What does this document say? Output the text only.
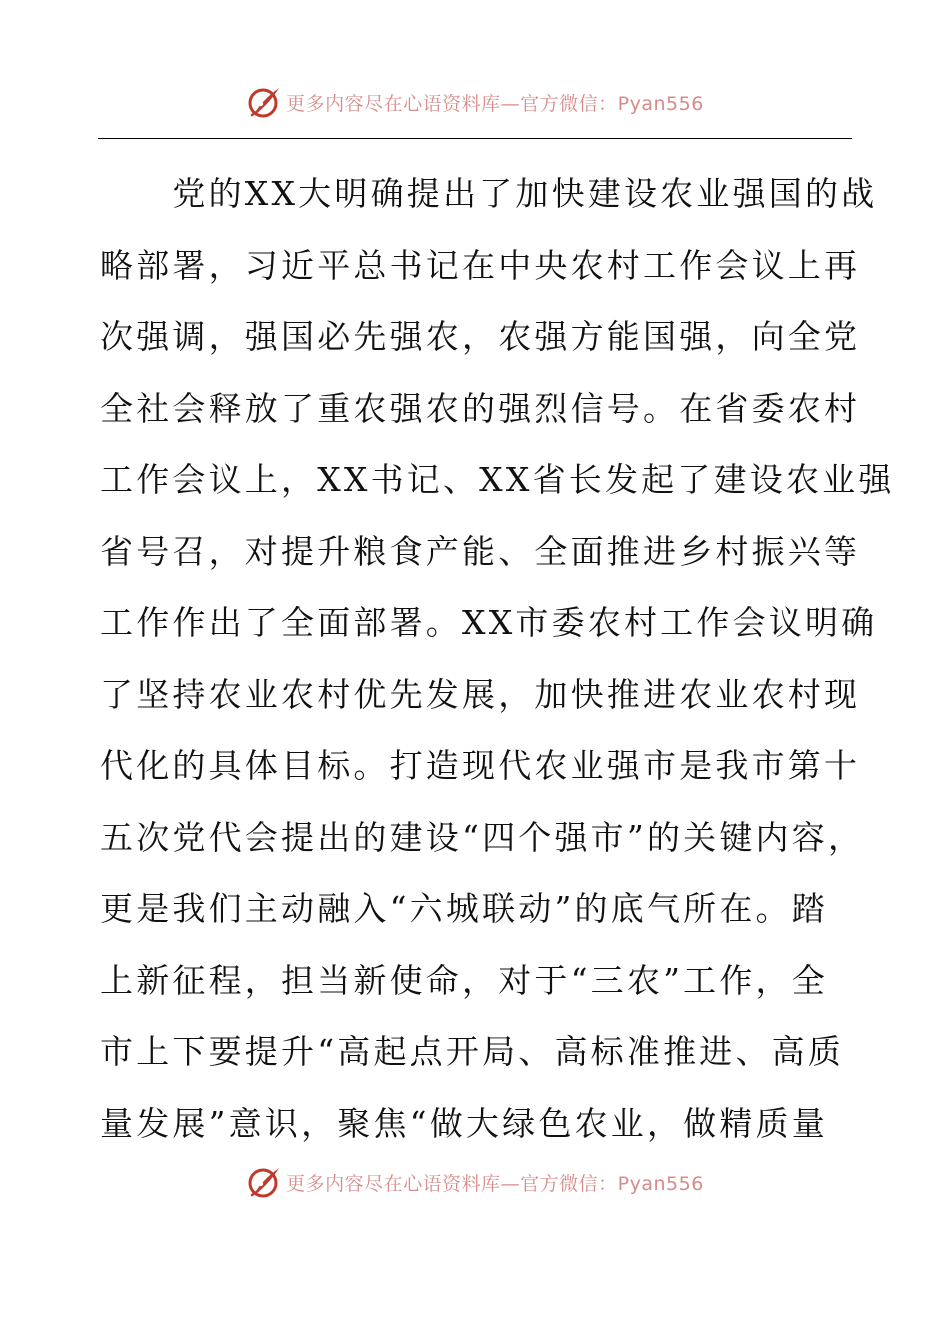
更多内容尽在心语资料库—官方微信：Pyan556
　　党的XX大明确提出了加快建设农业强国的战
略部署，习近平总书记在中央农村工作会议上再
次强调，强国必先强农，农强方能国强，向全党
全社会释放了重农强农的强烈信号。在省委农村
工作会议上，XX书记、XX省长发起了建设农业强
省号召，对提升粮食产能、全面推进乡村振兴等
工作作出了全面部署。XX市委农村工作会议明确
了坚持农业农村优先发展，加快推进农业农村现
代化的具体目标。打造现代农业强市是我市第十
五次党代会提出的建设“四个强市”的关键内容，
更是我们主动融入“六城联动”的底气所在。踏
上新征程，担当新使命，对于“三农”工作，全
市上下要提升“高起点开局、高标准推进、高质
量发展”意识，聚焦“做大绿色农业，做精质量
更多内容尽在心语资料库—官方微信：Pyan556
